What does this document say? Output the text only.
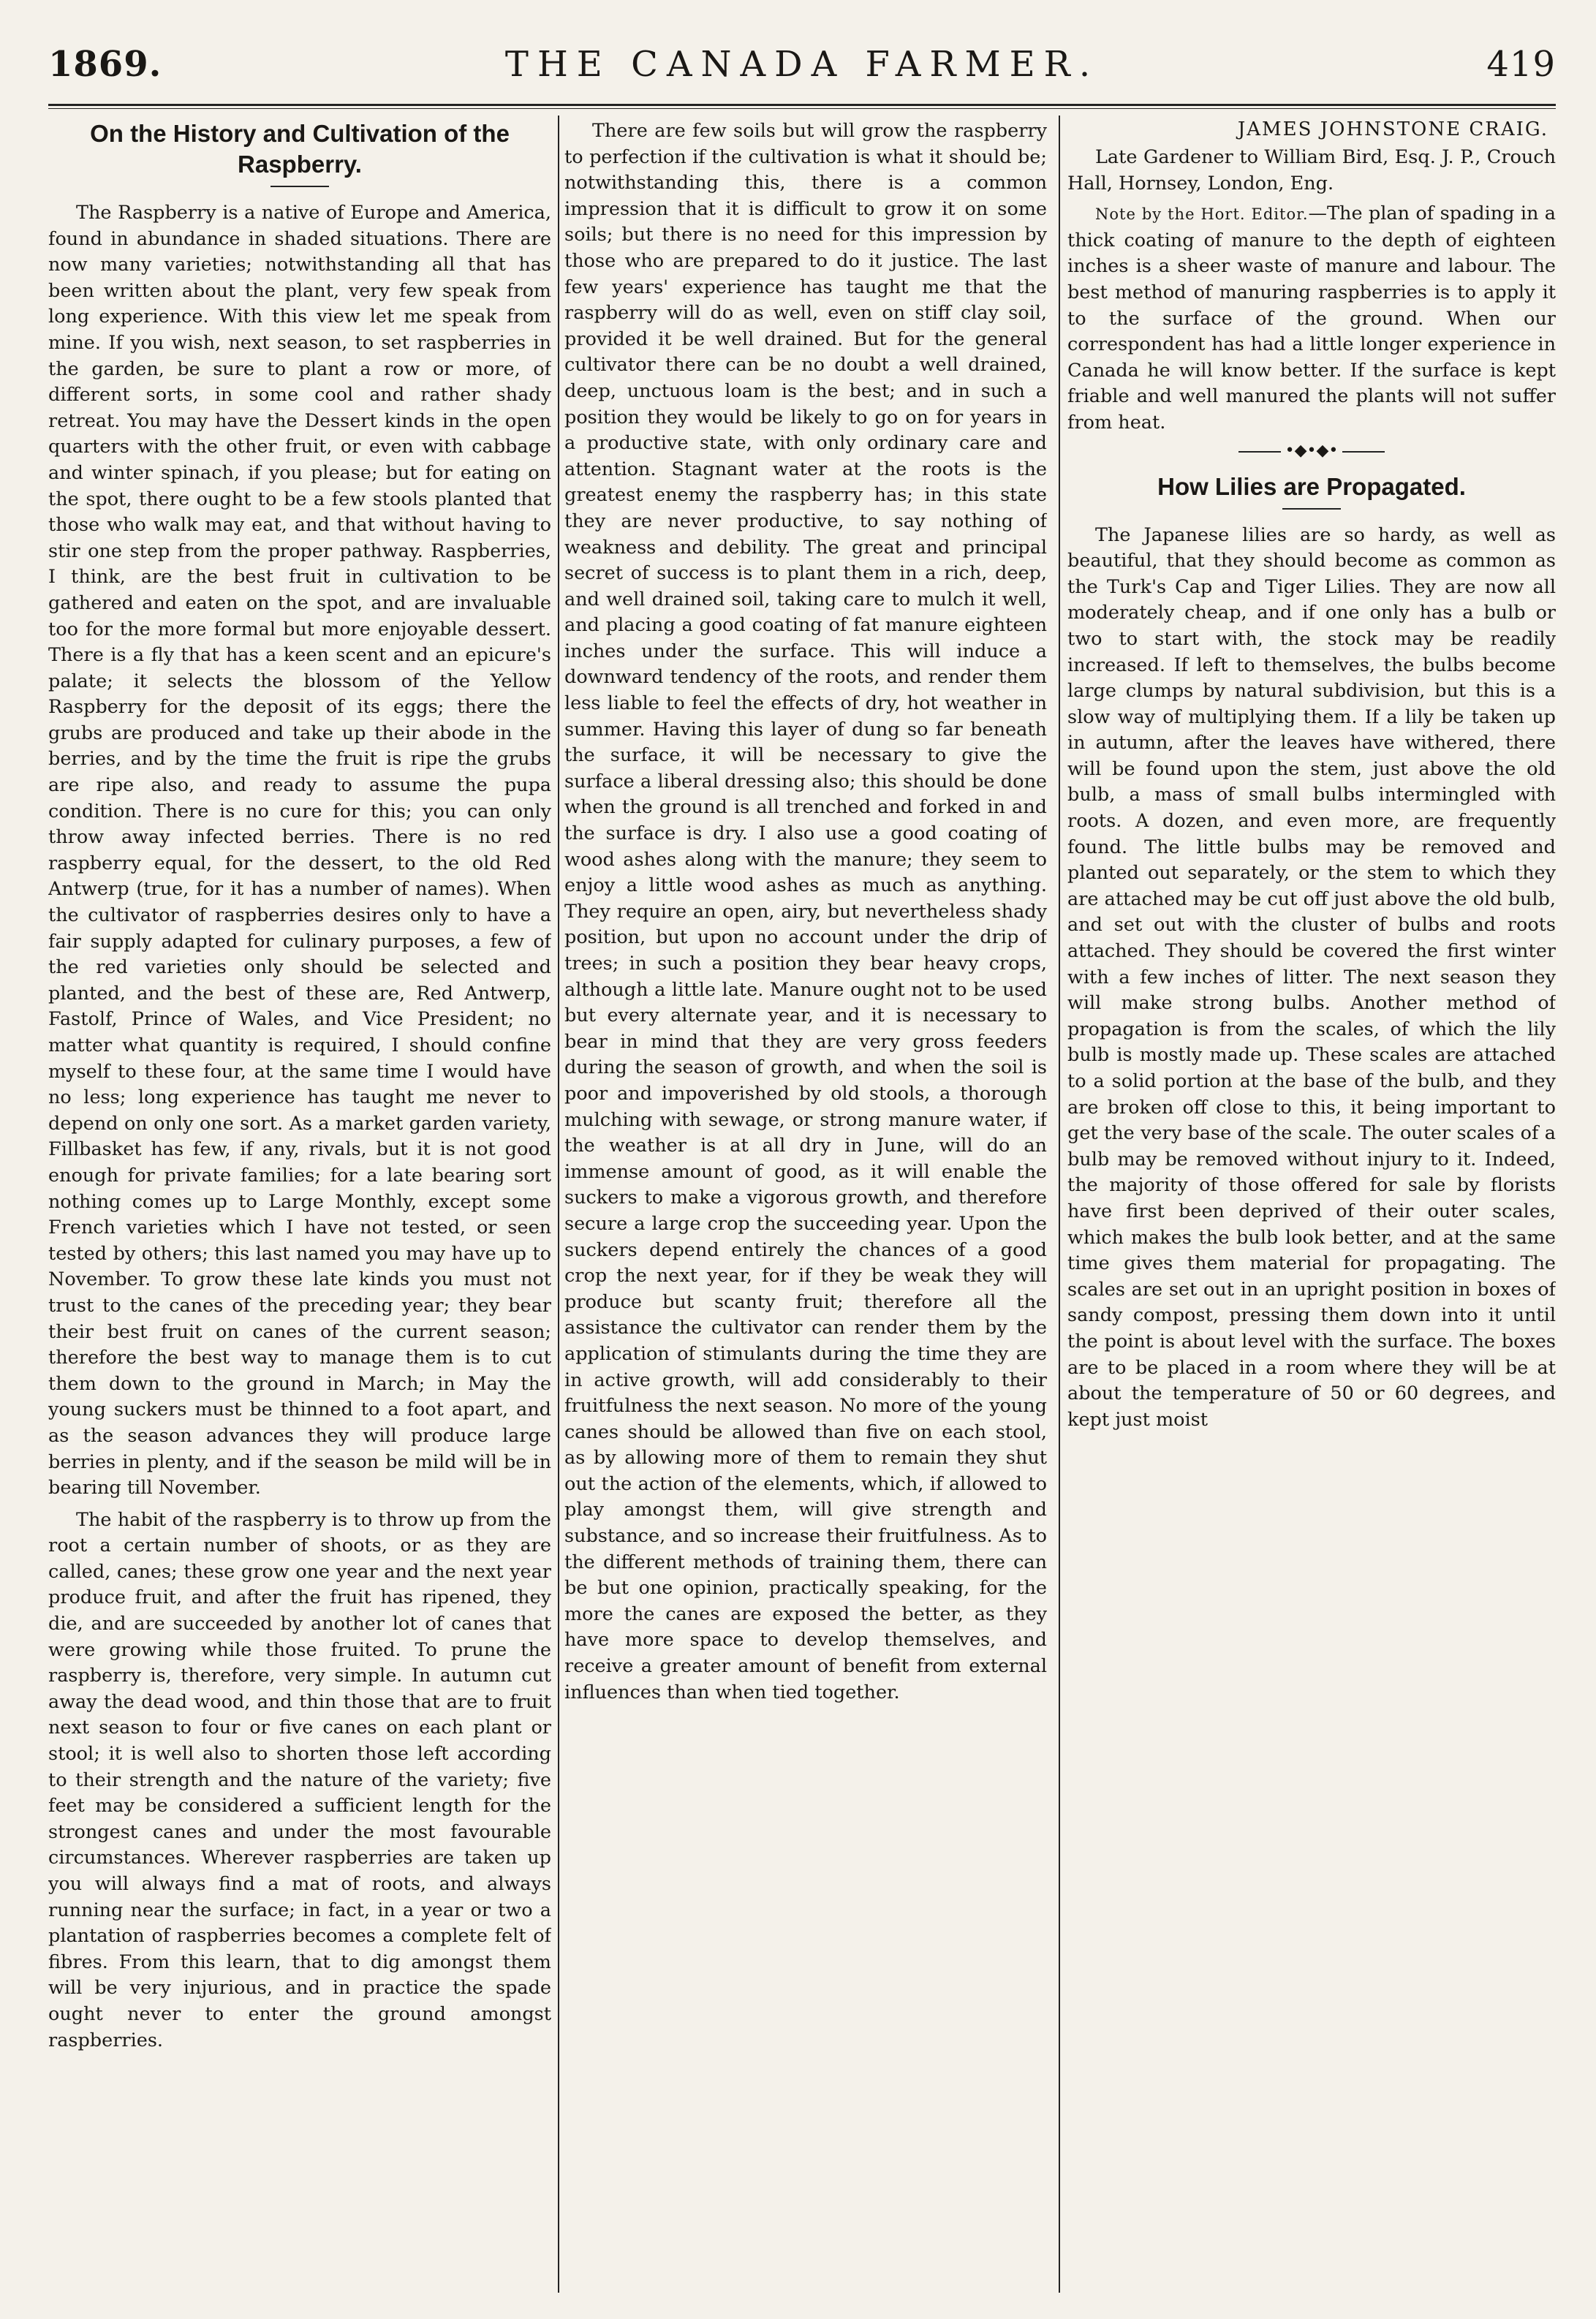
1869.	THE CANADA FARMER.	419
On the History and Cultivation of the Raspberry.

The Raspberry is a native of Europe and America, found in abundance in shaded situations. There are now many varieties; notwithstanding all that has been written about the plant, very few speak from long experience. With this view let me speak from mine. If you wish, next season, to set raspberries in the garden, be sure to plant a row or more, of different sorts, in some cool and rather shady retreat. You may have the Dessert kinds in the open quarters with the other fruit, or even with cabbage and winter spinach, if you please; but for eating on the spot, there ought to be a few stools planted that those who walk may eat, and that without having to stir one step from the proper pathway. Raspberries, I think, are the best fruit in cultivation to be gathered and eaten on the spot, and are invaluable too for the more formal but more enjoyable dessert. There is a fly that has a keen scent and an epicure's palate; it selects the blossom of the Yellow Raspberry for the deposit of its eggs; there the grubs are produced and take up their abode in the berries, and by the time the fruit is ripe the grubs are ripe also, and ready to assume the pupa condition. There is no cure for this; you can only throw away infected berries. There is no red raspberry equal, for the dessert, to the old Red Antwerp (true, for it has a number of names). When the cultivator of raspberries desires only to have a fair supply adapted for culinary purposes, a few of the red varieties only should be selected and planted, and the best of these are, Red Antwerp, Fastolf, Prince of Wales, and Vice President; no matter what quantity is required, I should confine myself to these four, at the same time I would have no less; long experience has taught me never to depend on only one sort. As a market garden variety, Fillbasket has few, if any, rivals, but it is not good enough for private families; for a late bearing sort nothing comes up to Large Monthly, except some French varieties which I have not tested, or seen tested by others; this last named you may have up to November. To grow these late kinds you must not trust to the canes of the preceding year; they bear their best fruit on canes of the current season; therefore the best way to manage them is to cut them down to the ground in March; in May the young suckers must be thinned to a foot apart, and as the season advances they will produce large berries in plenty, and if the season be mild will be in bearing till November.

The habit of the raspberry is to throw up from the root a certain number of shoots, or as they are called, canes; these grow one year and the next year produce fruit, and after the fruit has ripened, they die, and are succeeded by another lot of canes that were growing while those fruited. To prune the raspberry is, therefore, very simple. In autumn cut away the dead wood, and thin those that are to fruit next season to four or five canes on each plant or stool; it is well also to shorten those left according to their strength and the nature of the variety; five feet may be considered a sufficient length for the strongest canes and under the most favourable circumstances. Wherever raspberries are taken up you will always find a mat of roots, and always running near the surface; in fact, in a year or two a plantation of raspberries becomes a complete felt of fibres. From this learn, that to dig amongst them will be very injurious, and in practice the spade ought never to enter the ground amongst raspberries.

There are few soils but will grow the raspberry to perfection if the cultivation is what it should be; notwithstanding this, there is a common impression that it is difficult to grow it on some soils; but there is no need for this impression by those who are prepared to do it justice. The last few years' experience has taught me that the raspberry will do as well, even on stiff clay soil, provided it be well drained. But for the general cultivator there can be no doubt a well drained, deep, unctuous loam is the best; and in such a position they would be likely to go on for years in a productive state, with only ordinary care and attention. Stagnant water at the roots is the greatest enemy the raspberry has; in this state they are never productive, to say nothing of weakness and debility. The great and principal secret of success is to plant them in a rich, deep, and well drained soil, taking care to mulch it well, and placing a good coating of fat manure eighteen inches under the surface. This will induce a downward tendency of the roots, and render them less liable to feel the effects of dry, hot weather in summer. Having this layer of dung so far beneath the surface, it will be necessary to give the surface a liberal dressing also; this should be done when the ground is all trenched and forked in and the surface is dry. I also use a good coating of wood ashes along with the manure; they seem to enjoy a little wood ashes as much as anything. They require an open, airy, but nevertheless shady position, but upon no account under the drip of trees; in such a position they bear heavy crops, although a little late. Manure ought not to be used but every alternate year, and it is necessary to bear in mind that they are very gross feeders during the season of growth, and when the soil is poor and impoverished by old stools, a thorough mulching with sewage, or strong manure water, if the weather is at all dry in June, will do an immense amount of good, as it will enable the suckers to make a vigorous growth, and therefore secure a large crop the succeeding year. Upon the suckers depend entirely the chances of a good crop the next year, for if they be weak they will produce but scanty fruit; therefore all the assistance the cultivator can render them by the application of stimulants during the time they are in active growth, will add considerably to their fruitfulness the next season. No more of the young canes should be allowed than five on each stool, as by allowing more of them to remain they shut out the action of the elements, which, if allowed to play amongst them, will give strength and substance, and so increase their fruitfulness. As to the different methods of training them, there can be but one opinion, practically speaking, for the more the canes are exposed the better, as they have more space to develop themselves, and receive a greater amount of benefit from external influences than when tied together.

JAMES JOHNSTONE CRAIG.

Late Gardener to William Bird, Esq. J. P., Crouch Hall, Hornsey, London, Eng.

Note by the Hort. Editor.—The plan of spading in a thick coating of manure to the depth of eighteen inches is a sheer waste of manure and labour. The best method of manuring raspberries is to apply it to the surface of the ground. When our correspondent has had a little longer experience in Canada he will know better. If the surface is kept friable and well manured the plants will not suffer from heat.

•◆•◆•
How Lilies are Propagated.

The Japanese lilies are so hardy, as well as beautiful, that they should become as common as the Turk's Cap and Tiger Lilies. They are now all moderately cheap, and if one only has a bulb or two to start with, the stock may be readily increased. If left to themselves, the bulbs become large clumps by natural subdivision, but this is a slow way of multiplying them. If a lily be taken up in autumn, after the leaves have withered, there will be found upon the stem, just above the old bulb, a mass of small bulbs intermingled with roots. A dozen, and even more, are frequently found. The little bulbs may be removed and planted out separately, or the stem to which they are attached may be cut off just above the old bulb, and set out with the cluster of bulbs and roots attached. They should be covered the first winter with a few inches of litter. The next season they will make strong bulbs. Another method of propagation is from the scales, of which the lily bulb is mostly made up. These scales are attached to a solid portion at the base of the bulb, and they are broken off close to this, it being important to get the very base of the scale. The outer scales of a bulb may be removed without injury to it. Indeed, the majority of those offered for sale by florists have first been deprived of their outer scales, which makes the bulb look better, and at the same time gives them material for propagating. The scales are set out in an upright position in boxes of sandy compost, pressing them down into it until the point is about level with the surface. The boxes are to be placed in a room where they will be at about the temperature of 50 or 60 degrees, and kept just moist
